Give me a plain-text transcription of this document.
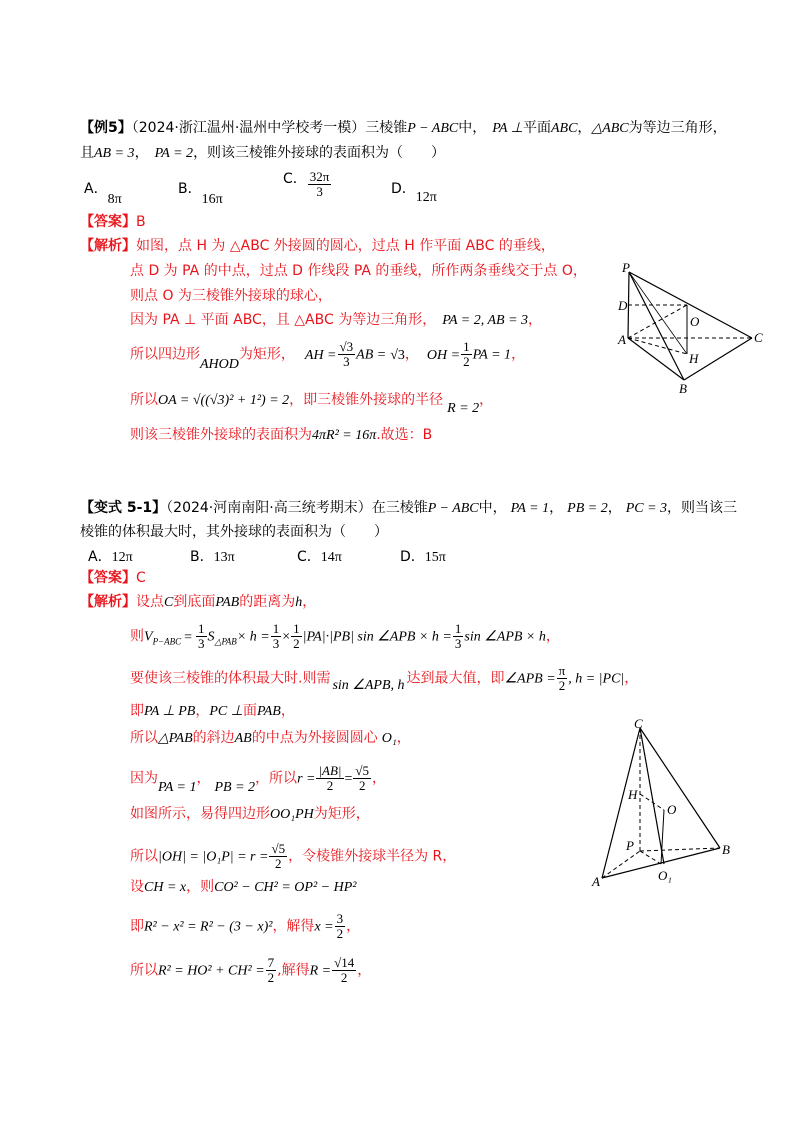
【例5】（2024·浙江温州·温州中学校考一模）三棱锥P − ABC中， PA ⊥平面ABC，△ABC为等边三角形，
且AB = 3， PA = 2，则该三棱锥外接球的表面积为（　　）
A．8π
B．16π
C． $\frac{32\pi}{3}$	D．12π
【答案】B
【解析】如图，点 H 为 △ABC 外接圆的圆心，过点 H 作平面 ABC 的垂线，
点 D 为 PA 的中点，过点 D 作线段 PA 的垂线，所作两条垂线交于点 O，
则点 O 为三棱锥外接球的球心，
因为 PA ⊥ 平面 ABC，且 △ABC 为等边三角形， PA = 2, AB = 3，
所以四边形AHOD为矩形， AH = $\frac{√3}{3}$ AB = √3， OH = $\frac{1}{2}$ PA = 1，
所以OA = √((√3)² + 1²) = 2，即三棱锥外接球的半径R = 2，
则该三棱锥外接球的表面积为4πR² = 16π.故选：B
P
D
O
A	C
H
B
【变式 5-1】（2024·河南南阳·高三统考期末）在三棱锥P − ABC中， PA = 1， PB = 2， PC = 3，则当该三
棱锥的体积最大时，其外接球的表面积为（　　）
A．12π	B．13π	C．14π	D．15π
【答案】C
【解析】设点C到底面PAB的距离为h，
则$V_{P-ABC} = \frac{1}{3} S_{\triangle PAB}\times h = \frac{1}{3} \times \frac{1}{2} |PA|\cdot|PB|$ sin ∠APB × $h = \frac{1}{3}$ sin ∠APB × h，
要使该三棱锥的体积最大时.则需 sin ∠APB, h 达到最大值，即∠APB = $\frac{\pi}{2}$ , h = |PC|，
即PA ⊥ PB，PC ⊥面PAB，
所以△PAB的斜边AB的中点为外接圆圆心 O₁，
因为PA = 1，PB = 2，所以$r = \frac{|AB|}{2} = \frac{√5}{2}$ ，
如图所示，易得四边形OO₁PH为矩形，
所以$|OH| = |O_1P| = r = \frac{√5}{2}$ ，令棱锥外接球半径为 R，
设CH = x，则CO² − CH² = OP² − HP²
即R² − x² = R² − (3 − x)²，解得$x = \frac{3}{2}$ ，
所以$R^2 = HO^2 + CH^2 = \frac{7}{2}$ ,解得$R = \frac{√14}{2}$ ，
C
H
O
P	B
A	O₁
